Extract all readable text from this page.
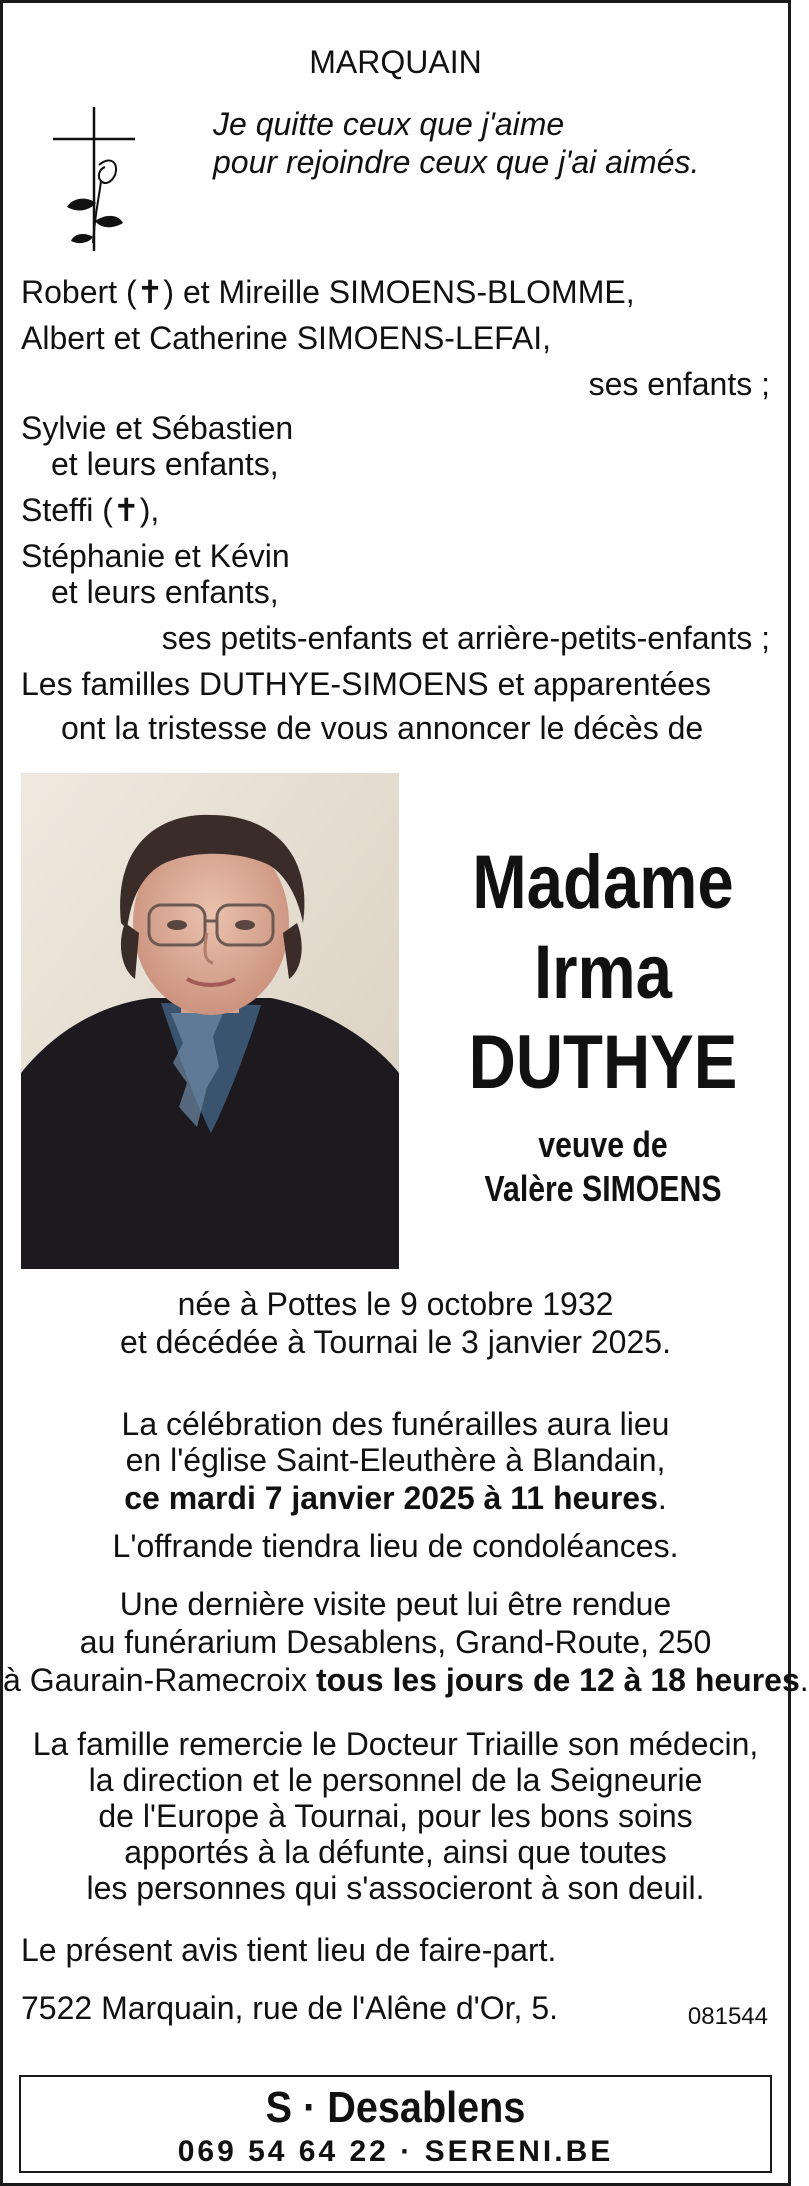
MARQUAIN
Je quitte ceux que j'aime
pour rejoindre ceux que j'ai aimés.
Robert (✝) et Mireille SIMOENS-BLOMME,
Albert et Catherine SIMOENS-LEFAI,
ses enfants ;
Sylvie et Sébastien
et leurs enfants,
Steffi (✝),
Stéphanie et Kévin
et leurs enfants,
ses petits-enfants et arrière-petits-enfants ;
Les familles DUTHYE-SIMOENS et apparentées
ont la tristesse de vous annoncer le décès de
Madame
Irma
DUTHYE
veuve de
Valère SIMOENS
née à Pottes le 9 octobre 1932
et décédée à Tournai le 3 janvier 2025.
La célébration des funérailles aura lieu
en l'église Saint-Eleuthère à Blandain,
ce mardi 7 janvier 2025 à 11 heures.
L'offrande tiendra lieu de condoléances.
Une dernière visite peut lui être rendue
au funérarium Desablens, Grand-Route, 250
à Gaurain-Ramecroix tous les jours de 12 à 18 heures.
La famille remercie le Docteur Triaille son médecin,
la direction et le personnel de la Seigneurie
de l'Europe à Tournai, pour les bons soins
apportés à la défunte, ainsi que toutes
les personnes qui s'associeront à son deuil.
Le présent avis tient lieu de faire-part.
7522 Marquain, rue de l'Alêne d'Or, 5.	081544
S · Desablens
069 54 64 22 · SERENI.BE
